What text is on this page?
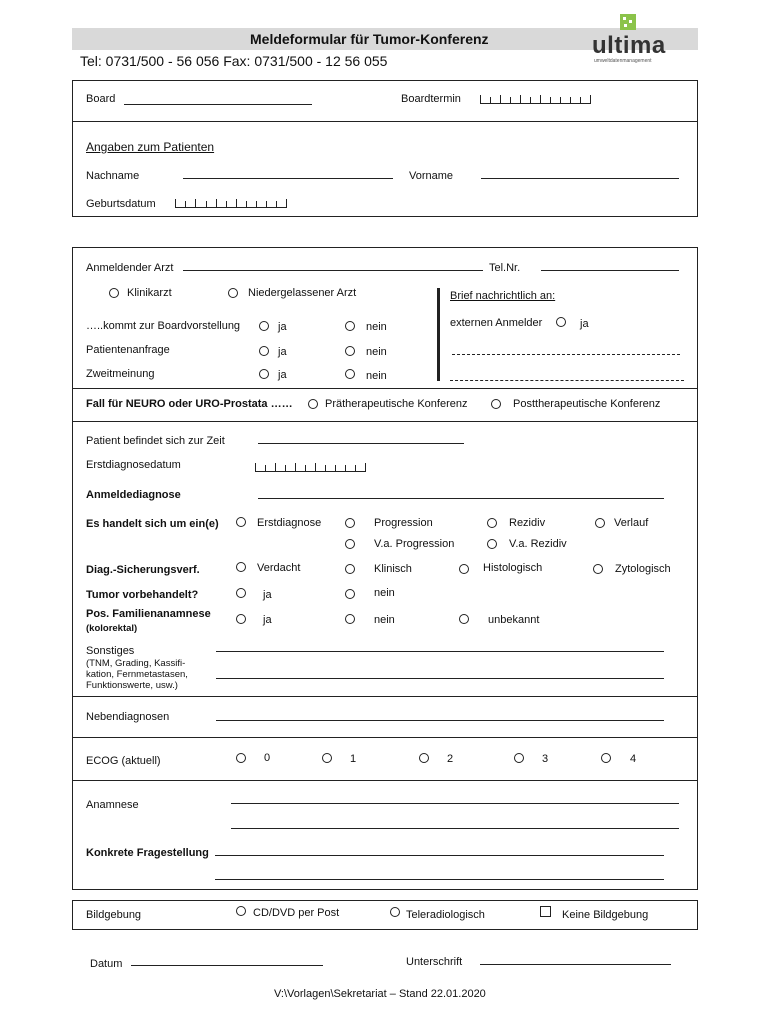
Meldeformular für Tumor-Konferenz
Tel: 0731/500 - 56 056 Fax: 0731/500 - 12 56 055
ultima
umweltdatenmanagement
Board	Boardtermin
Angaben zum Patienten
Nachname	Vorname
Geburtsdatum
Anmeldender Arzt	Tel.Nr.
Klinikarzt	Niedergelassener Arzt	Brief nachrichtlich an:
externen Anmelder	ja
…..kommt zur Boardvorstellung	ja	nein
Patientenanfrage	ja	nein
Zweitmeinung	ja	nein
Fall für NEURO oder URO-Prostata ……	Prätherapeutische Konferenz	Posttherapeutische Konferenz
Patient befindet sich zur Zeit
Erstdiagnosedatum
Anmeldediagnose
Es handelt sich um ein(e)	Erstdiagnose	Progression	Rezidiv	Verlauf
V.a. Progression	V.a. Rezidiv
Diag.-Sicherungsverf.	Verdacht	Klinisch	Histologisch	Zytologisch
Tumor vorbehandelt?	ja	nein
Pos. Familienanamnese
(kolorektal)
ja	nein	unbekannt
Sonstiges
(TNM, Grading, Kassifi-
kation, Fernmetastasen,
Funktionswerte, usw.)
Nebendiagnosen
ECOG (aktuell)	0	1	2	3	4
Anamnese
Konkrete Fragestellung
Bildgebung	CD/DVD per Post	Teleradiologisch	Keine Bildgebung
Datum	Unterschrift
V:\Vorlagen\Sekretariat – Stand 22.01.2020
